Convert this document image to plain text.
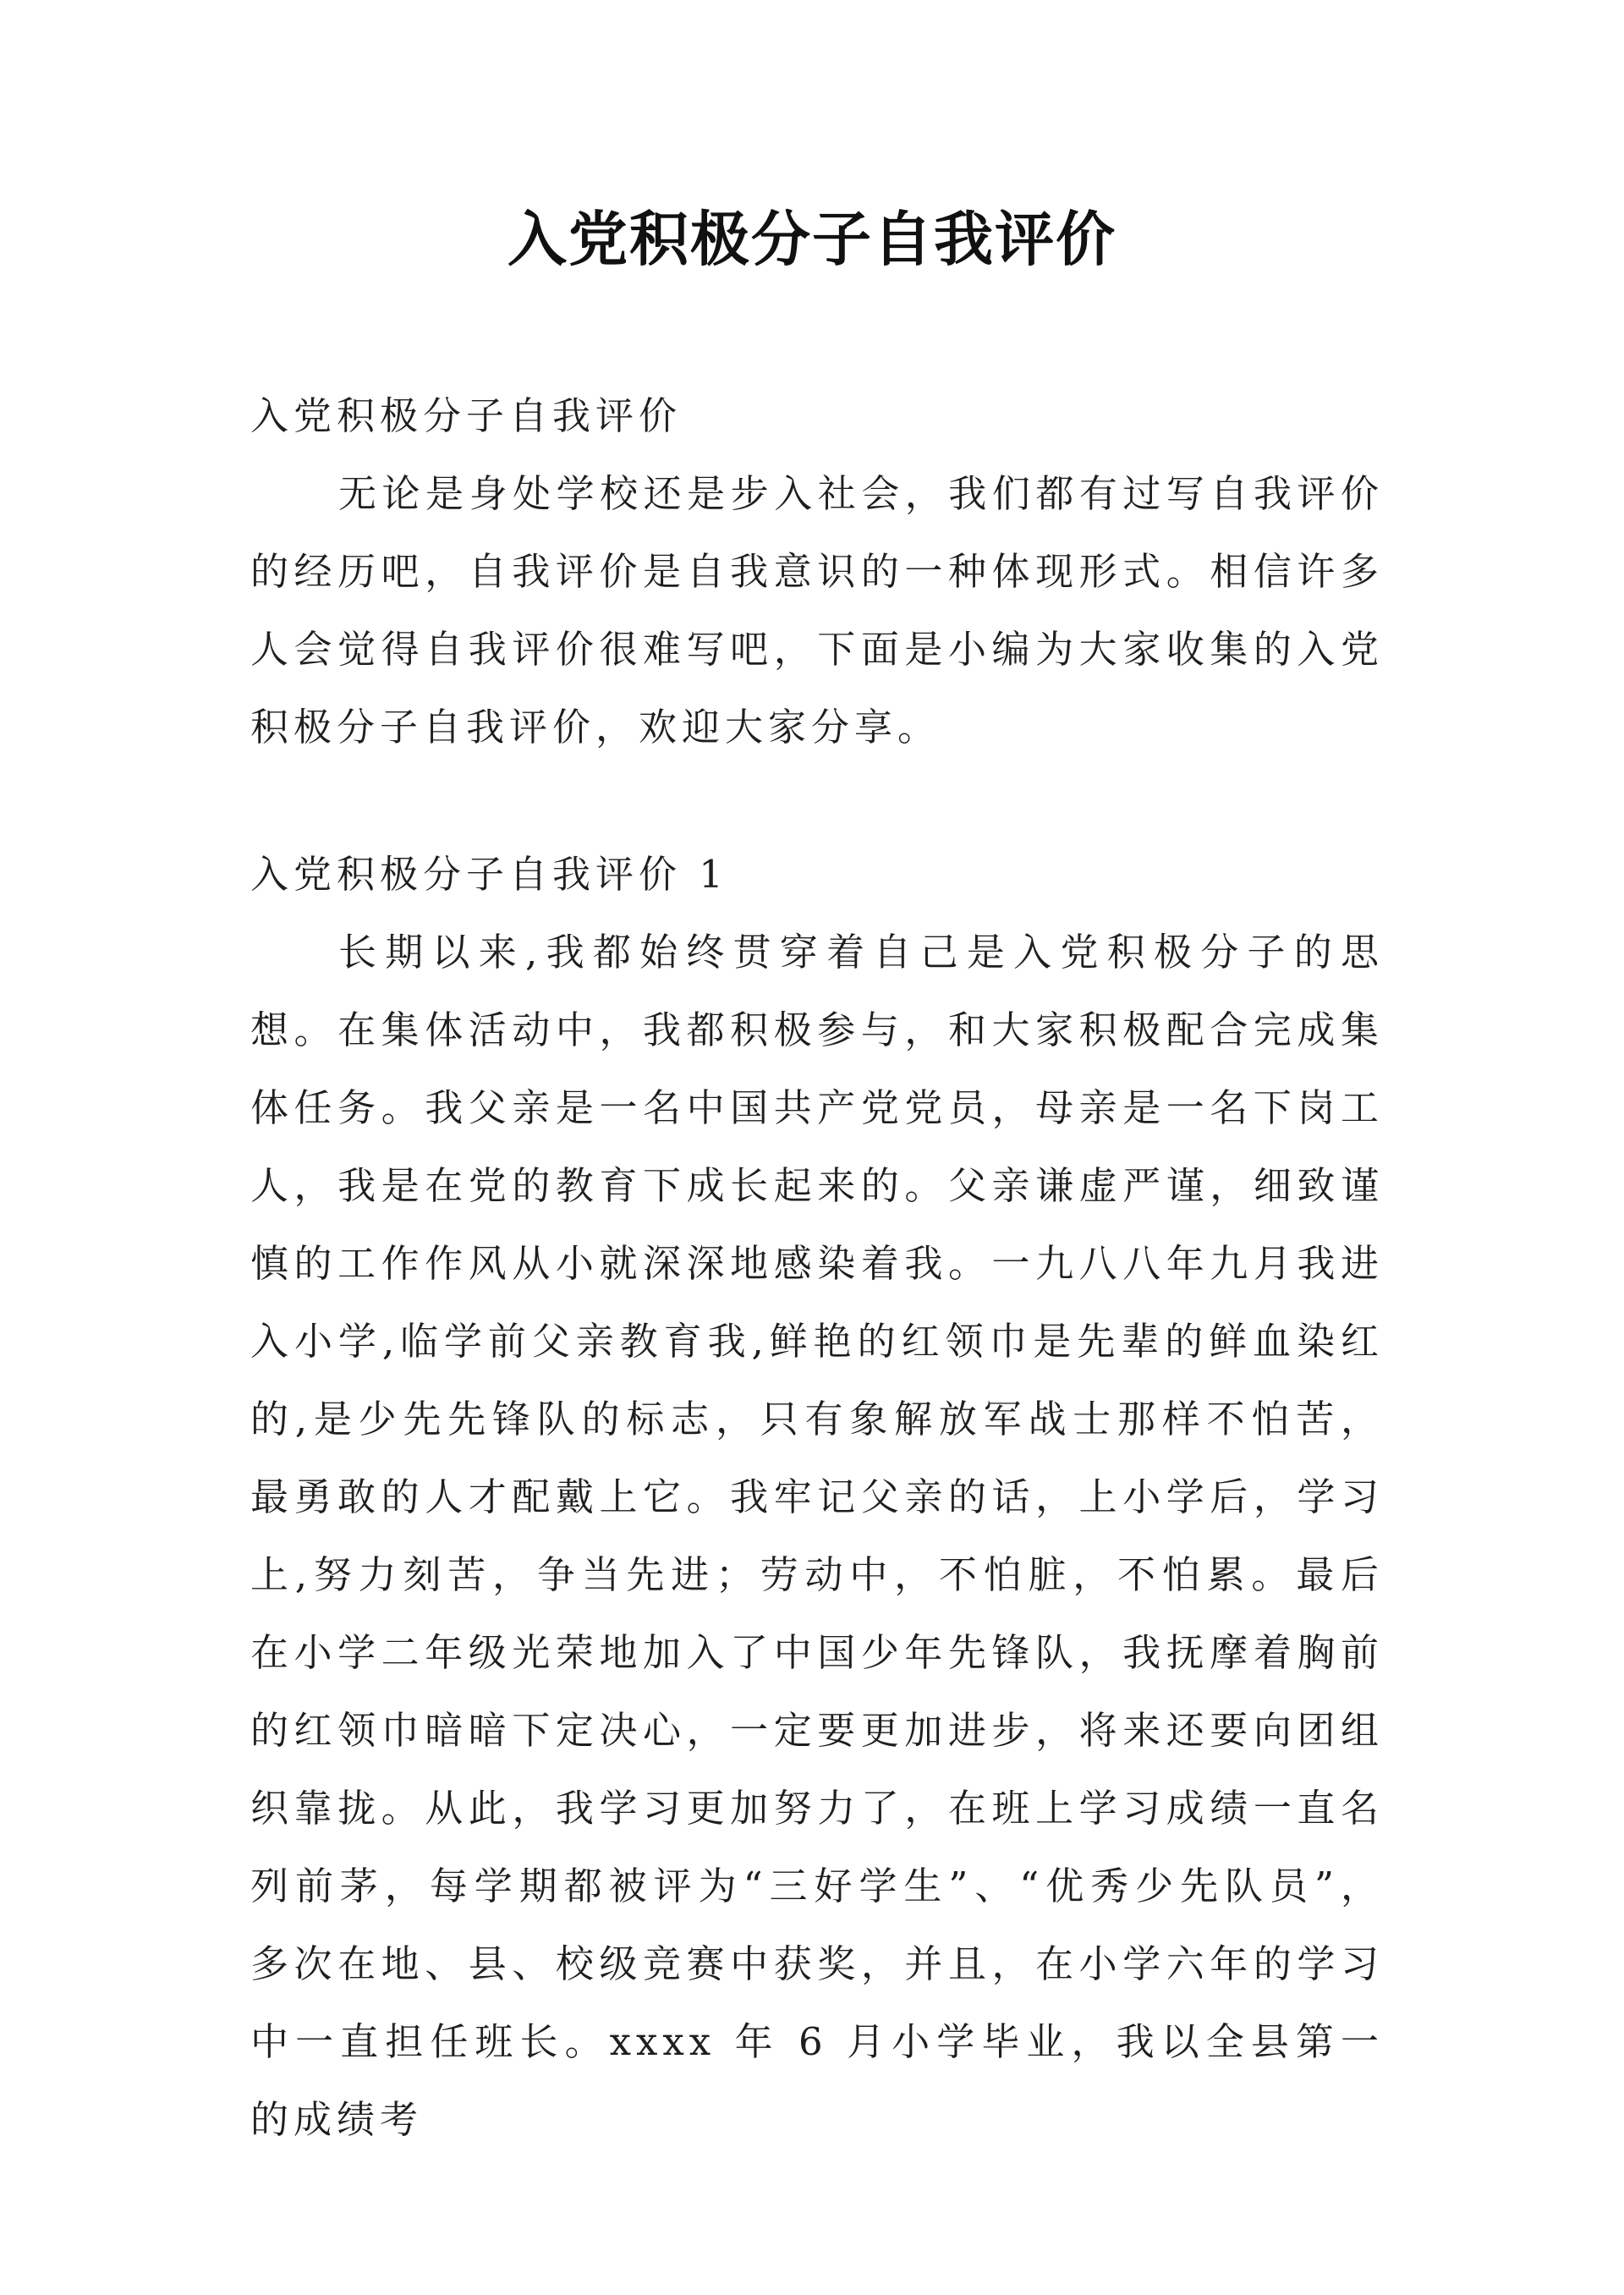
入党积极分子自我评价

入党积极分子自我评价

无论是身处学校还是步入社会，我们都有过写自我评价的经历吧，自我评价是自我意识的一种体现形式。相信许多人会觉得自我评价很难写吧，下面是小编为大家收集的入党积极分子自我评价，欢迎大家分享。

入党积极分子自我评价 1

长期以来,我都始终贯穿着自己是入党积极分子的思想。在集体活动中，我都积极参与，和大家积极配合完成集体任务。我父亲是一名中国共产党党员，母亲是一名下岗工人，我是在党的教育下成长起来的。父亲谦虚严谨，细致谨慎的工作作风从小就深深地感染着我。一九八八年九月我进入小学,临学前父亲教育我,鲜艳的红领巾是先辈的鲜血染红的,是少先先锋队的标志，只有象解放军战士那样不怕苦，最勇敢的人才配戴上它。我牢记父亲的话，上小学后，学习上,努力刻苦，争当先进；劳动中，不怕脏，不怕累。最后在小学二年级光荣地加入了中国少年先锋队，我抚摩着胸前的红领巾暗暗下定决心，一定要更加进步，将来还要向团组织靠拢。从此，我学习更加努力了，在班上学习成绩一直名列前茅，每学期都被评为“三好学生”、“优秀少先队员”，多次在地、县、校级竞赛中获奖，并且，在小学六年的学习中一直担任班长。xxxx 年 6 月小学毕业，我以全县第一的成绩考
